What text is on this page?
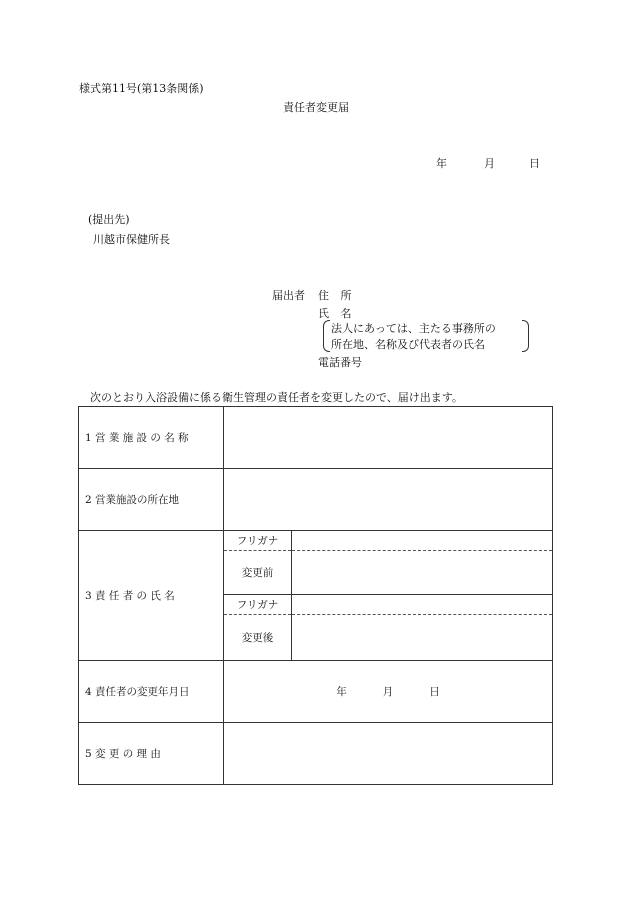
様式第11号(第13条関係)
責任者変更届
年	月	日
(提出先)
川越市保健所長
届出者 住 所
氏 名
法人にあっては、主たる事務所の
所在地、名称及び代表者の氏名
電話番号
次のとおり入浴設備に係る衛生管理の責任者を変更したので、届け出ます。
1 営 業 施 設 の 名 称		
2 営業施設の所在地		
3 責 任 者 の 氏 名	フリガナ	
	変更前	
	フリガナ	
	変更後	
4 責任者の変更年月日	年 月 日	
5 変 更 の 理 由		
